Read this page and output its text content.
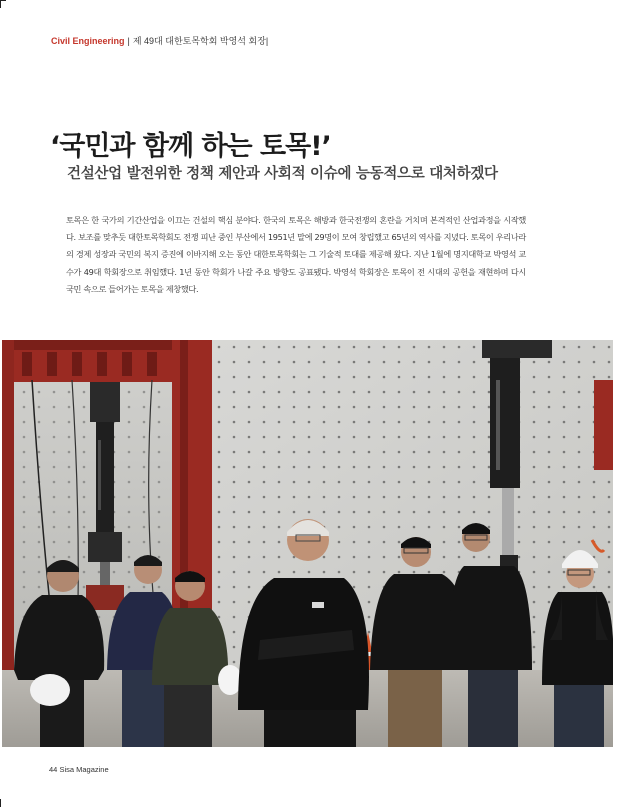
Civil Engineering | 제 49대 대한토목학회 박영석 회장|
‘국민과 함께 하는 토목!’
건설산업 발전위한 정책 제안과 사회적 이슈에 능동적으로 대처하겠다

토목은 한 국가의 기간산업을 이끄는 건설의 핵심 분야다. 한국의 토목은 해방과 한국전쟁의 혼란을 거치며 본격적인 산업과정을 시작했다. 보조를 맞추듯 대한토목학회도 전쟁 피난 중인 부산에서 1951년 말에 29명이 모여 창립했고 65년의 역사를 지녔다. 토목이 우리나라의 경제 성장과 국민의 복지 증진에 이바지해 오는 동안 대한토목학회는 그 기술적 토대를 제공해 왔다. 지난 1월에 명지대학교 박영석 교수가 49대 학회장으로 취임했다. 1년 동안 학회가 나갈 주요 방향도 공표됐다. 박영석 학회장은 토목이 전 시대의 공헌을 재현하며 다시 국민 속으로 들어가는 토목을 제창했다.

44 Sisa Magazine
